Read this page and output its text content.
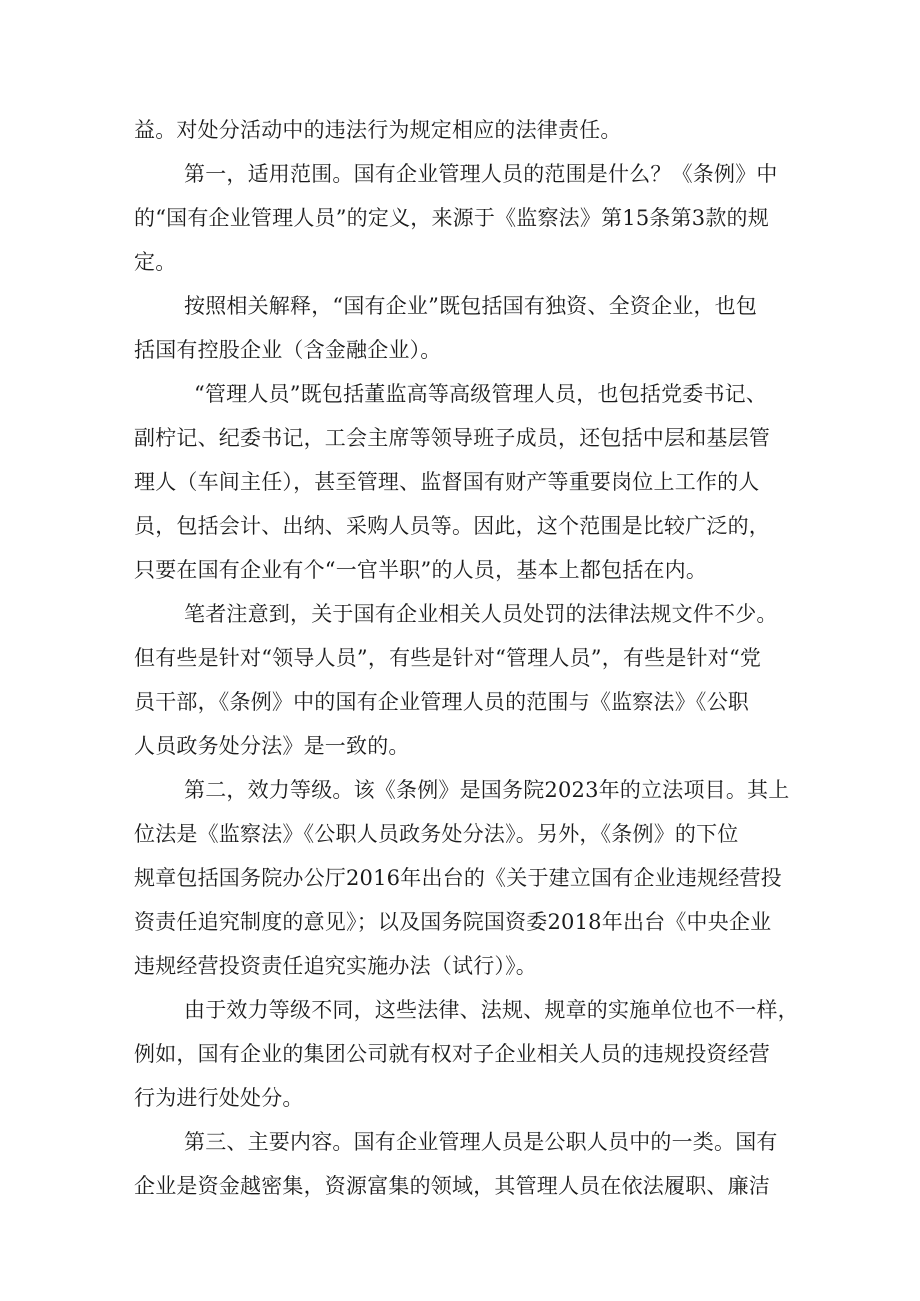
益。对处分活动中的违法行为规定相应的法律责任。
第一，适用范围。国有企业管理人员的范围是什么？《条例》中
的“国有企业管理人员”的定义，来源于《监察法》第15条第3款的规
定。
按照相关解释，“国有企业”既包括国有独资、全资企业，也包
括国有控股企业（含金融企业）。
“管理人员”既包括董监高等高级管理人员，也包括党委书记、
副柠记、纪委书记，工会主席等领导班子成员，还包括中层和基层管
理人（车间主任），甚至管理、监督国有财产等重要岗位上工作的人
员，包括会计、出纳、采购人员等。因此，这个范围是比较广泛的，
只要在国有企业有个“一官半职”的人员，基本上都包括在内。
笔者注意到，关于国有企业相关人员处罚的法律法规文件不少。
但有些是针对“领导人员”，有些是针对“管理人员”，有些是针对“党
员干部，《条例》中的国有企业管理人员的范围与《监察法》《公职
人员政务处分法》是一致的。
第二，效力等级。该《条例》是国务院2023年的立法项目。其上
位法是《监察法》《公职人员政务处分法》。另外，《条例》的下位
规章包括国务院办公厅2016年出台的《关于建立国有企业违规经营投
资责任追究制度的意见》；以及国务院国资委2018年出台《中央企业
违规经营投资责任追究实施办法（试行）》。
由于效力等级不同，这些法律、法规、规章的实施单位也不一样，
例如，国有企业的集团公司就有权对子企业相关人员的违规投资经营
行为进行处处分。
第三、主要内容。国有企业管理人员是公职人员中的一类。国有
企业是资金越密集，资源富集的领域，其管理人员在依法履职、廉洁
